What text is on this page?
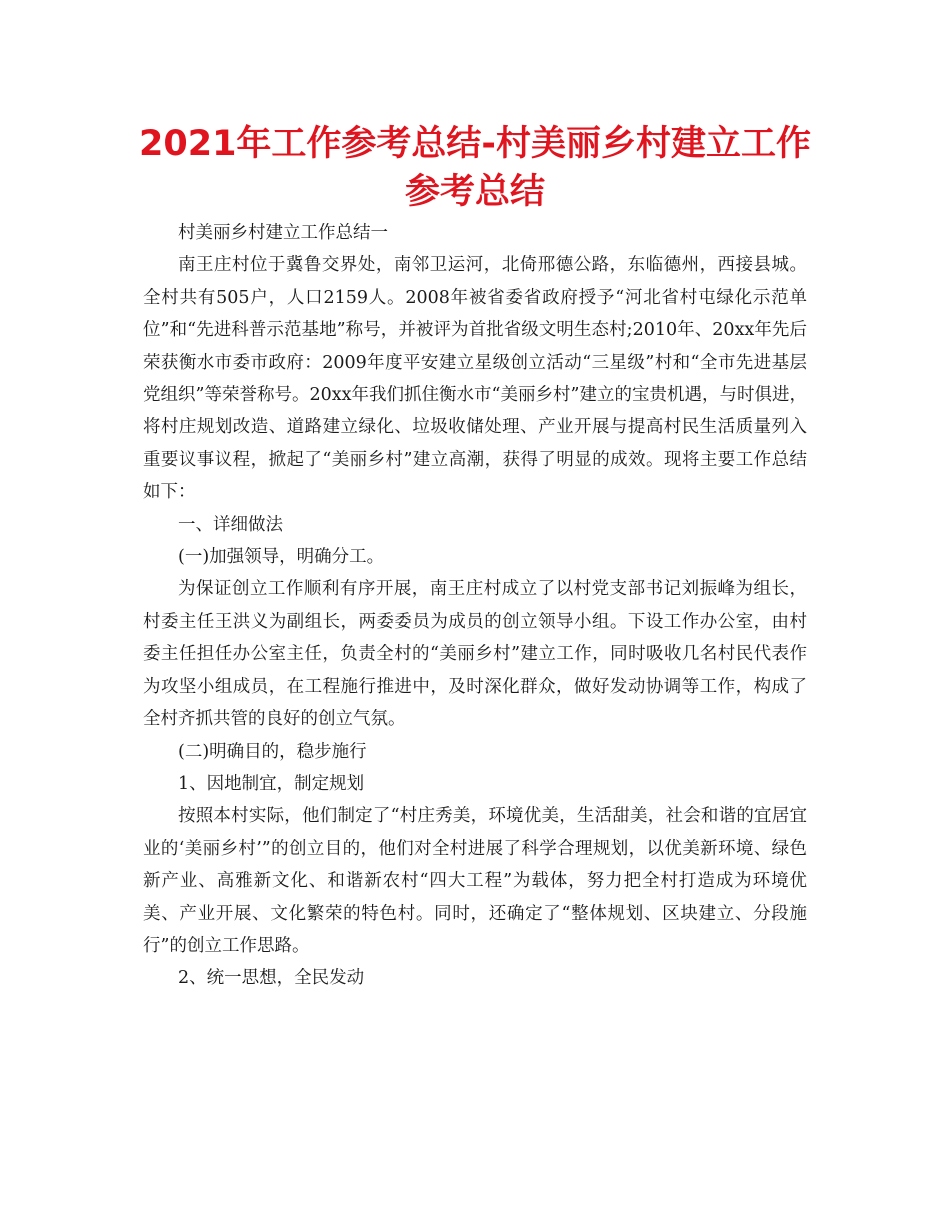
2021年工作参考总结-村美丽乡村建立工作参考总结

村美丽乡村建立工作总结一

南王庄村位于冀鲁交界处，南邻卫运河，北倚邢德公路，东临德州，西接县城。全村共有505户，人口2159人。2008年被省委省政府授予“河北省村屯绿化示范单位”和“先进科普示范基地”称号，并被评为首批省级文明生态村;2010年、20xx年先后荣获衡水市委市政府：2009年度平安建立星级创立活动“三星级”村和“全市先进基层党组织”等荣誉称号。20xx年我们抓住衡水市“美丽乡村”建立的宝贵机遇，与时俱进，将村庄规划改造、道路建立绿化、垃圾收储处理、产业开展与提高村民生活质量列入重要议事议程，掀起了“美丽乡村”建立高潮，获得了明显的成效。现将主要工作总结如下：

一、详细做法

(一)加强领导，明确分工。

为保证创立工作顺利有序开展，南王庄村成立了以村党支部书记刘振峰为组长，村委主任王洪义为副组长，两委委员为成员的创立领导小组。下设工作办公室，由村委主任担任办公室主任，负责全村的“美丽乡村”建立工作，同时吸收几名村民代表作为攻坚小组成员，在工程施行推进中，及时深化群众，做好发动协调等工作，构成了全村齐抓共管的良好的创立气氛。

(二)明确目的，稳步施行

1、因地制宜，制定规划

按照本村实际，他们制定了“村庄秀美，环境优美，生活甜美，社会和谐的宜居宜业的‘美丽乡村’”的创立目的，他们对全村进展了科学合理规划，以优美新环境、绿色新产业、高雅新文化、和谐新农村“四大工程”为载体，努力把全村打造成为环境优美、产业开展、文化繁荣的特色村。同时，还确定了“整体规划、区块建立、分段施行”的创立工作思路。

2、统一思想，全民发动
